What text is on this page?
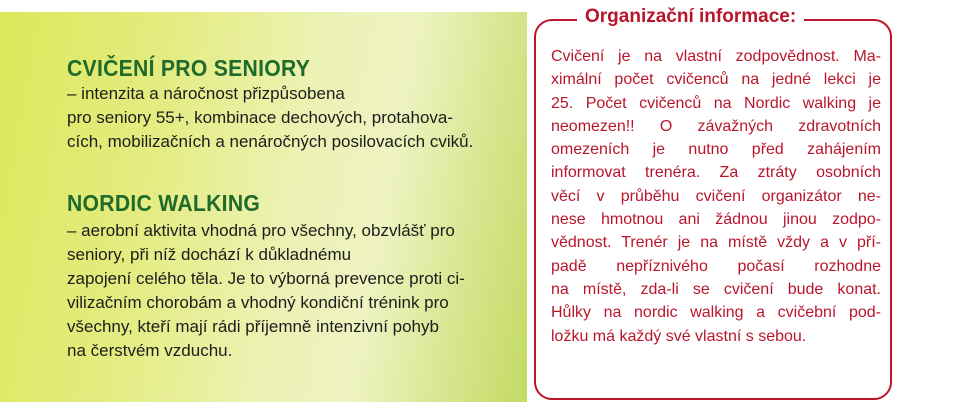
CVIČENÍ PRO SENIORY

– intenzita a náročnost přizpůsobena
pro seniory 55+, kombinace dechových, protahova-
cích, mobilizačních a nenáročných posilovacích cviků.

NORDIC WALKING

– aerobní aktivita vhodná pro všechny, obzvlášť pro
seniory, při níž dochází k důkladnému
zapojení celého těla. Je to výborná prevence proti ci-
vilizačním chorobám a vhodný kondiční trénink pro
všechny, kteří mají rádi příjemně intenzivní pohyb
na čerstvém vzduchu.

Organizační informace:
Cvičení je na vlastní zodpovědnost. Ma-
ximální počet cvičenců na jedné lekci je
25. Počet cvičenců na Nordic walking je
neomezen!! O závažných zdravotních
omezeních je nutno před zahájením
informovat trenéra. Za ztráty osobních
věcí v průběhu cvičení organizátor ne-
nese hmotnou ani žádnou jinou zodpo-
vědnost. Trenér je na místě vždy a v pří-
padě nepříznivého počasí rozhodne
na místě, zda-li se cvičení bude konat.
Hůlky na nordic walking a cvičební pod-
ložku má každý své vlastní s sebou.
